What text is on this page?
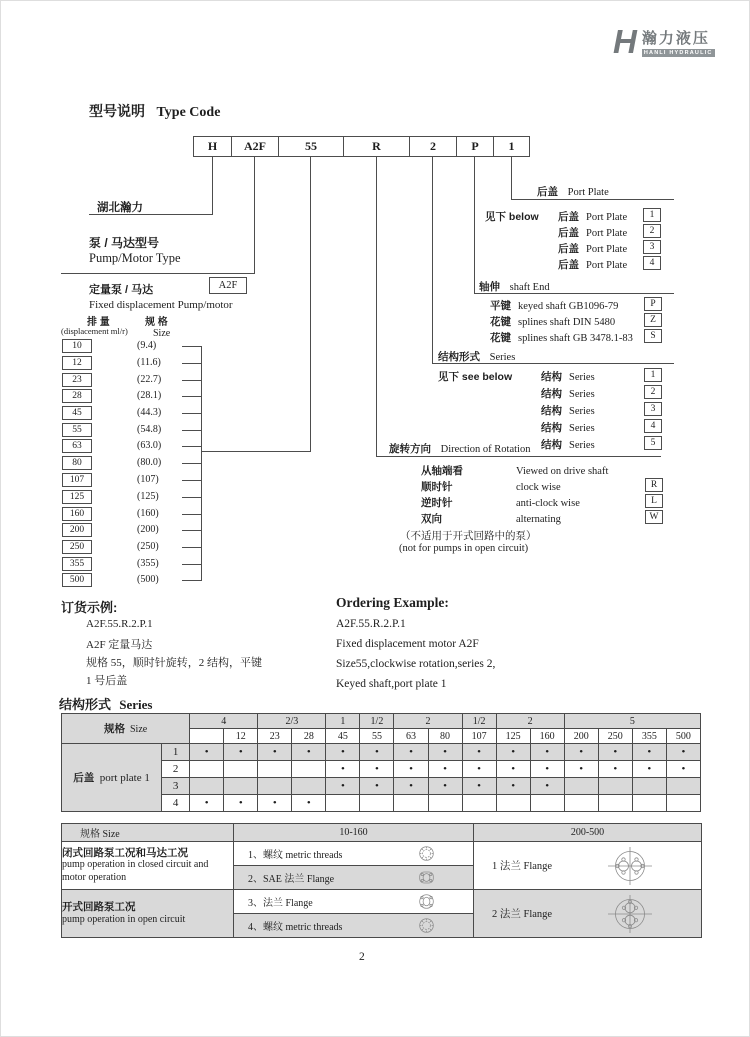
H 瀚力液压
HANLI HYDRAULIC
型号说明 Type Code
H	A2F	55	R	2	P	1
湖北瀚力
泵 / 马达型号
Pump/Motor Type
定量泵 / 马达	A2F
Fixed displacement Pump/motor
排 量
(displacement ml/r)
规 格
Size
10	(9.4)
12	(11.6)
23	(22.7)
28	(28.1)
45	(44.3)
55	(54.8)
63	(63.0)
80	(80.0)
107	(107)
125	(125)
160	(160)
200	(200)
250	(250)
355	(355)
500	(500)
后盖 Port Plate
见下 below 后盖 Port Plate	1
后盖 Port Plate	2
后盖 Port Plate	3
后盖 Port Plate	4
轴伸 shaft End
平键 keyed shaft GB1096-79	P
花键 splines shaft DIN 5480	Z
花键 splines shaft GB 3478.1-83	S
结构形式 Series
见下 see below	结构 Series	1
结构 Series	2
结构 Series	3
结构 Series	4
结构 Series	5
旋转方向 Direction of Rotation
从轴端看	Viewed on drive shaft
顺时针	clock wise	R
逆时针	anti-clock wise	L
双向	alternating	W
（不适用于开式回路中的泵）
(not for pumps in open circuit)
订货示例:
A2F.55.R.2.P.1
A2F 定量马达
规格 55，顺时针旋转，2 结构，平键
1 号后盖
Ordering Example:
A2F.55.R.2.P.1
Fixed displacement motor A2F
Size55,clockwise rotation,series 2,
Keyed shaft,port plate 1
结构形式 Series
规格 Size		4		2/3		1	1/2	2		1/2	2		5			
			12	23	28	45	55	63	80	107	125	160	200	250	355	500
后盖 port plate 1	1	•	•	•	•	•	•	•	•	•	•	•	•	•	•	•
	2					•	•	•	•	•	•	•	•	•	•	•
	3					•	•	•	•	•	•	•				
	4	•	•	•	•											
规格 Size	10-160	200-500

闭式回路泵工况和马达工况
pump operation in closed circuit and
motor operation	1、螺纹 metric threads	1 法兰 Flange

	2、SAE 法兰 Flange	

开式回路泵工况
pump operation in open circuit	3、法兰 Flange	2 法兰 Flange

	4、螺纹 metric threads	
2
